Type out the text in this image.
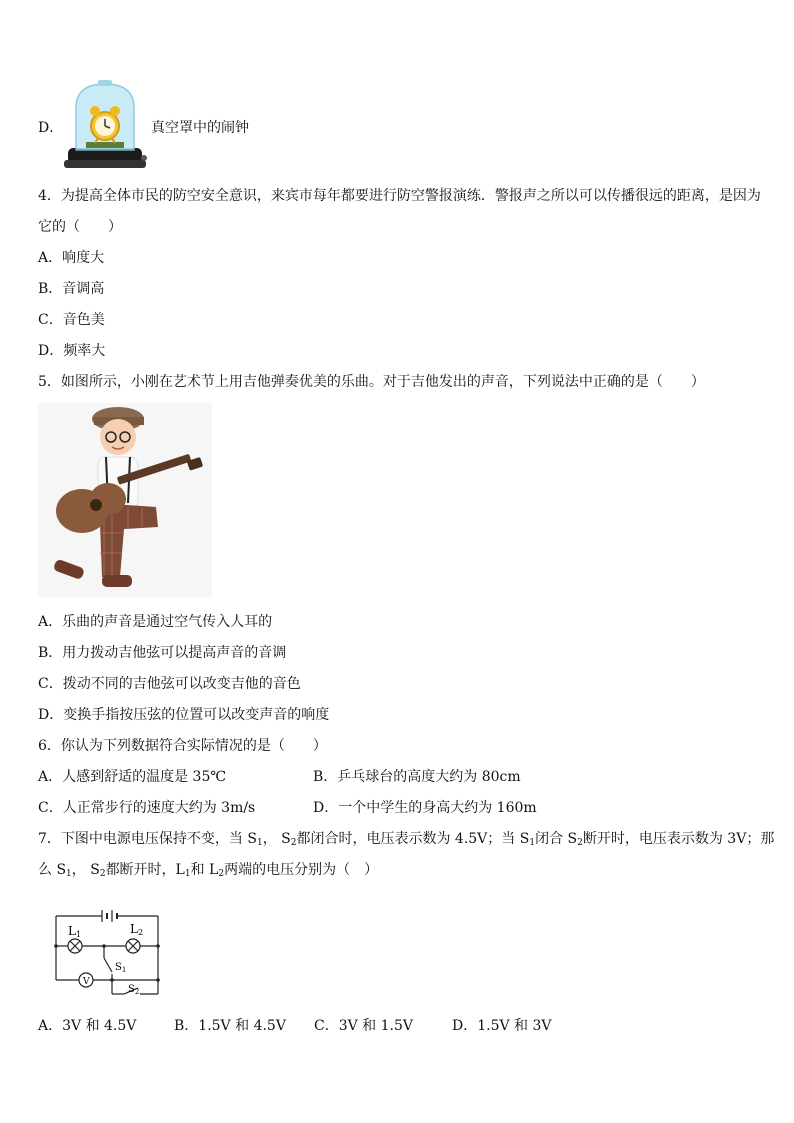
D．	真空罩中的闹钟
4．为提高全体市民的防空安全意识，来宾市每年都要进行防空警报演练．警报声之所以可以传播很远的距离，是因为
它的（　　）
A．响度大
B．音调高
C．音色美
D．频率大
5．如图所示，小刚在艺术节上用吉他弹奏优美的乐曲。对于吉他发出的声音，下列说法中正确的是（　　）
A．乐曲的声音是通过空气传入人耳的
B．用力拨动吉他弦可以提高声音的音调
C．拨动不同的吉他弦可以改变吉他的音色
D．变换手指按压弦的位置可以改变声音的响度
6．你认为下列数据符合实际情况的是（　　）
A．人感到舒适的温度是 35℃	B．乒乓球台的高度大约为 80cm
C．人正常步行的速度大约为 3m/s	D．一个中学生的身高大约为 160m
7．下图中电源电压保持不变，当 $S_1$， $S_2$都闭合时，电压表示数为 4.5V；当 $S_1$闭合 $S_2$断开时，电压表示数为 3V；那
么 $S_1$， $S_2$都断开时，$L_1$和 $L_2$两端的电压分别为（　）
L1	L2
$S_1$
$S_2$
V
A．3V 和 4.5V	B．1.5V 和 4.5V C．3V 和 1.5V	D．1.5V 和 3V
